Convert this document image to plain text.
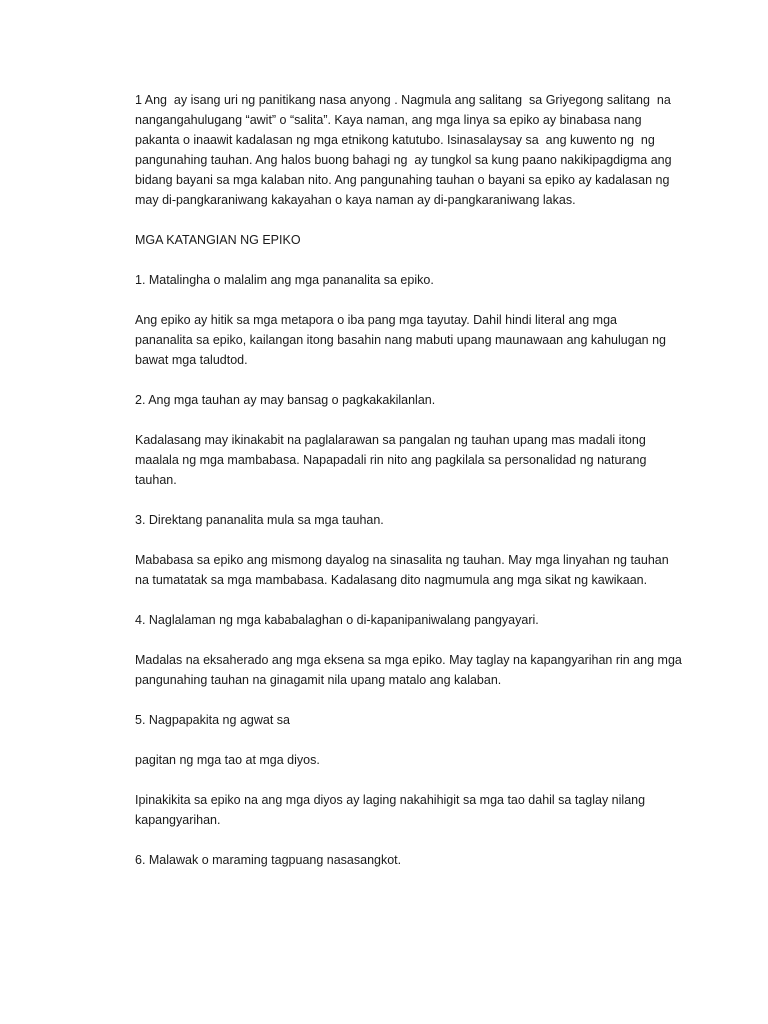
1 Ang  ay isang uri ng panitikang nasa anyong . Nagmula ang salitang  sa Griyegong salitang  na
nangangahulugang “awit” o “salita”. Kaya naman, ang mga linya sa epiko ay binabasa nang
pakanta o inaawit kadalasan ng mga etnikong katutubo. Isinasalaysay sa  ang kuwento ng  ng
pangunahing tauhan. Ang halos buong bahagi ng  ay tungkol sa kung paano nakikipagdigma ang
bidang bayani sa mga kalaban nito. Ang pangunahing tauhan o bayani sa epiko ay kadalasan ng
may di-pangkaraniwang kakayahan o kaya naman ay di-pangkaraniwang lakas.

MGA KATANGIAN NG EPIKO

1. Matalingha o malalim ang mga pananalita sa epiko.

Ang epiko ay hitik sa mga metapora o iba pang mga tayutay. Dahil hindi literal ang mga
pananalita sa epiko, kailangan itong basahin nang mabuti upang maunawaan ang kahulugan ng
bawat mga taludtod.

2. Ang mga tauhan ay may bansag o pagkakakilanlan.

Kadalasang may ikinakabit na paglalarawan sa pangalan ng tauhan upang mas madali itong
maalala ng mga mambabasa. Napapadali rin nito ang pagkilala sa personalidad ng naturang
tauhan.

3. Direktang pananalita mula sa mga tauhan.

Mababasa sa epiko ang mismong dayalog na sinasalita ng tauhan. May mga linyahan ng tauhan
na tumatatak sa mga mambabasa. Kadalasang dito nagmumula ang mga sikat ng kawikaan.

4. Naglalaman ng mga kababalaghan o di-kapanipaniwalang pangyayari.

Madalas na eksaherado ang mga eksena sa mga epiko. May taglay na kapangyarihan rin ang mga
pangunahing tauhan na ginagamit nila upang matalo ang kalaban.

5. Nagpapakita ng agwat sa

pagitan ng mga tao at mga diyos.

Ipinakikita sa epiko na ang mga diyos ay laging nakahihigit sa mga tao dahil sa taglay nilang
kapangyarihan.

6. Malawak o maraming tagpuang nasasangkot.
